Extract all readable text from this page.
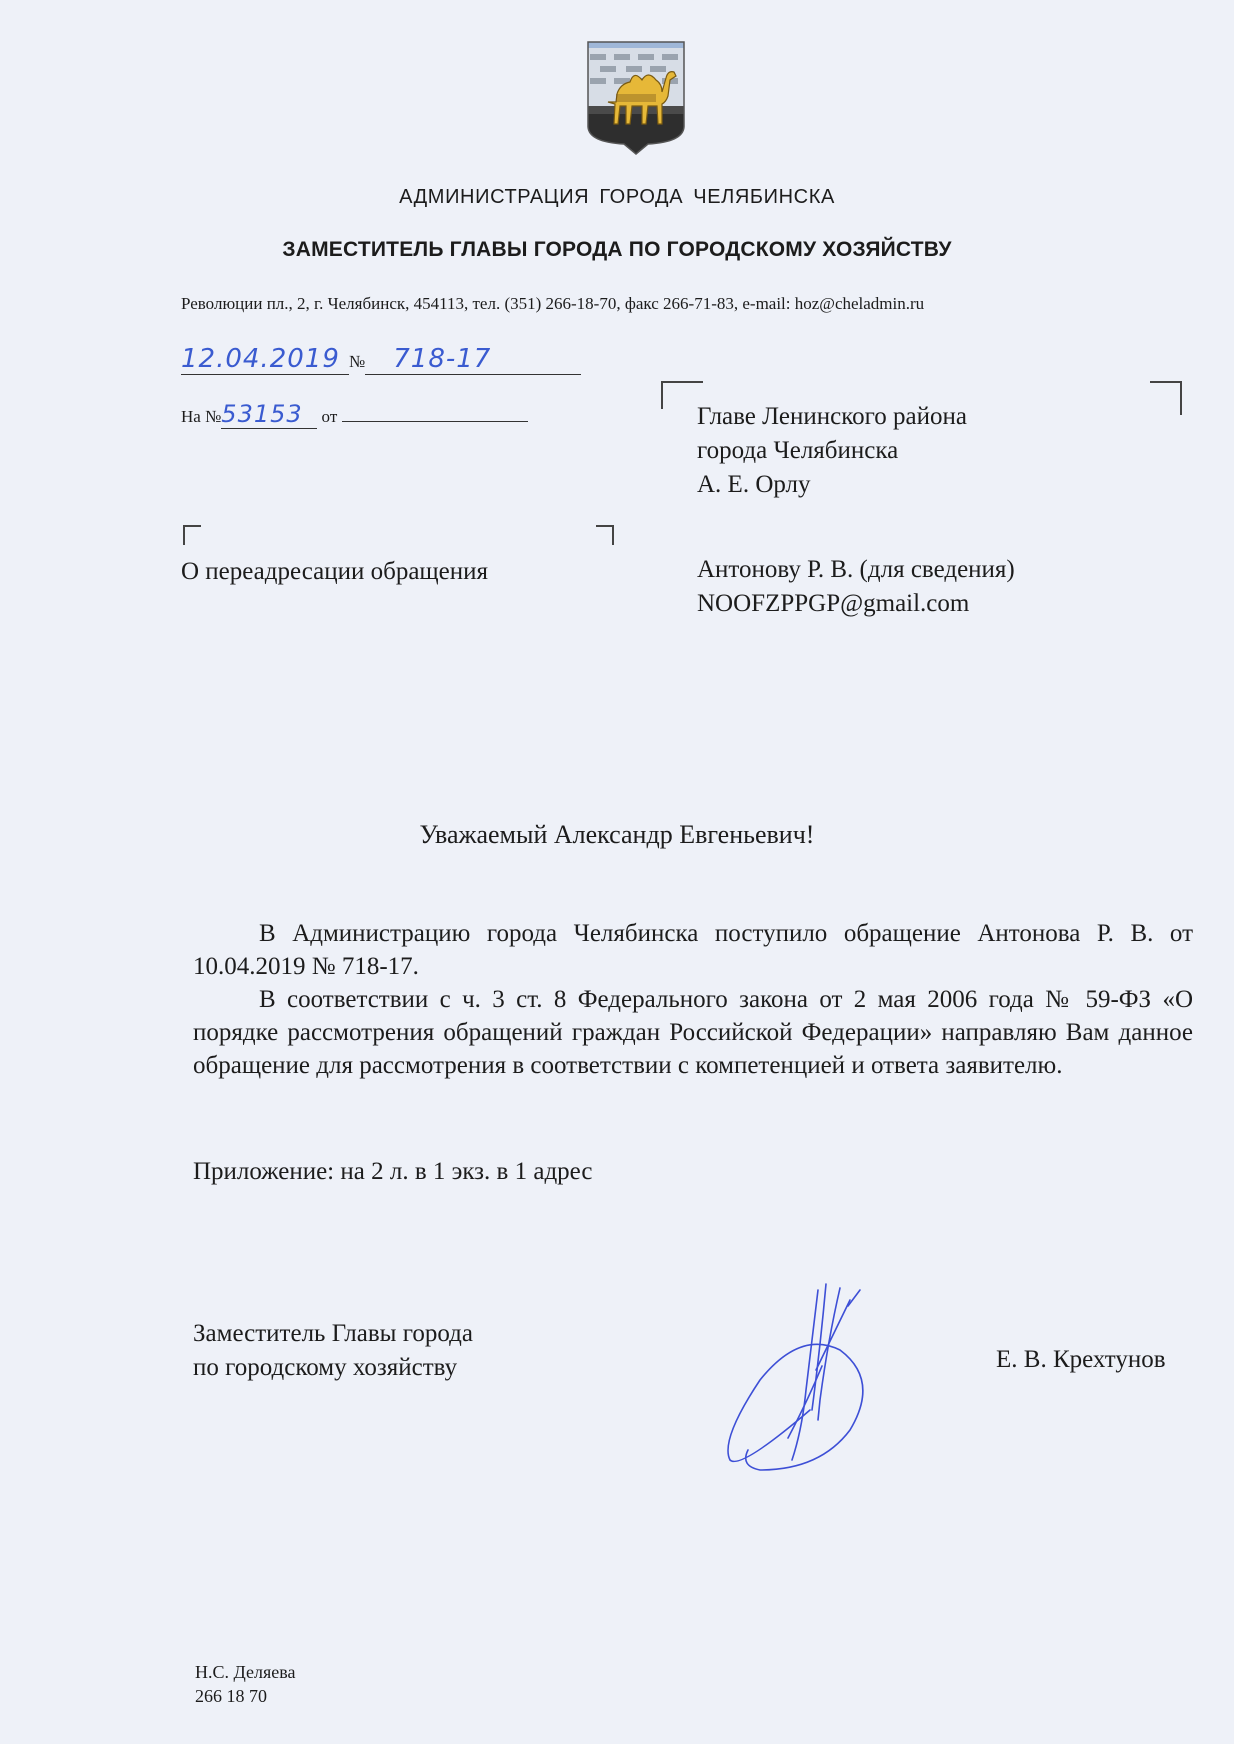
АДМИНИСТРАЦИЯ ГОРОДА ЧЕЛЯБИНСКА
ЗАМЕСТИТЕЛЬ ГЛАВЫ ГОРОДА ПО ГОРОДСКОМУ ХОЗЯЙСТВУ
Революции пл., 2, г. Челябинск, 454113, тел. (351) 266-18-70, факс 266-71-83, e-mail: hoz@cheladmin.ru
12.04.2019 № 718-17
На №53153 от	Главе Ленинского района
города Челябинска
А. Е. Орлу
О переадресации обращения	Антонову Р. В. (для сведения)
NOOFZPPGP@gmail.com
Уважаемый Александр Евгеньевич!

В Администрацию города Челябинска поступило обращение Антонова Р. В. от 10.04.2019 № 718-17.

В соответствии с ч. 3 ст. 8 Федерального закона от 2 мая 2006 года № 59-ФЗ «О порядке рассмотрения обращений граждан Российской Федерации» направляю Вам данное обращение для рассмотрения в соответствии с компетенцией и ответа заявителю.

Приложение: на 2 л. в 1 экз. в 1 адрес
Заместитель Главы города
по городскому хозяйству	Е. В. Крехтунов
Н.С. Деляева
266 18 70
